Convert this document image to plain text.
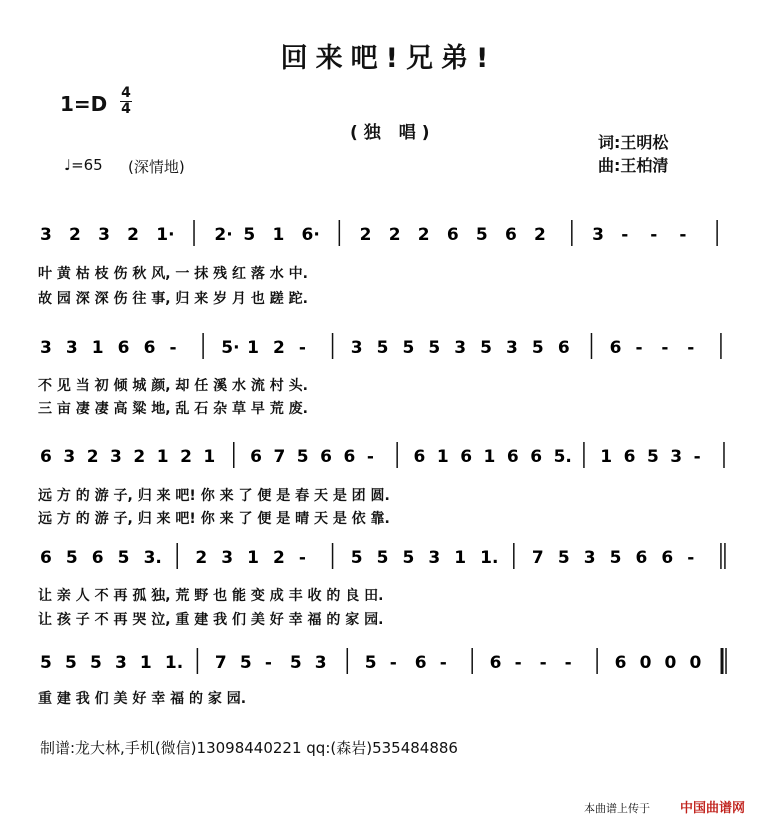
回来吧!兄弟!
1=D 4
4
(独 唱)	词:王明松
曲:王柏清
♩=65 (深情地)
3 2 3 2 1· 2· 5 1 6· 2 2 2 6 5 6 2	3 - - -
3 3 1 6 6 -	5· 1 2 -	3 5 5 5 3 5 3 5 6 6 - - -
6 3 2 3 2 1 2 1 6 7 5 6 6 - 6 1 6 1 6 6 5. 1 6 5 3 -
6 5 6 5 3. 2 3 1 2 -	5 5 5 3 1 1. 7 5 3 5 6 6 -
5 5 5 3 1 1. 7 5 - 5 3 5 - 6 -	6 - - -	6 0 0 0
叶 黄 枯 枝 伤 秋 风, 一 抹 残 红 落 水 中.
故 园 深 深 伤 往 事, 归 来 岁 月 也 蹉 跎.
不 见 当 初 倾 城 颜, 却 任 溪 水 流 村 头.
三 亩 凄 凄 高 粱 地, 乱 石 杂 草 早 荒 废.
远 方 的 游 子, 归 来 吧! 你 来 了 便 是 春 天 是 团 圆.
远 方 的 游 子, 归 来 吧! 你 来 了 便 是 晴 天 是 依 靠.
让 亲 人 不 再 孤 独, 荒 野 也 能 变 成 丰 收 的 良 田.
让 孩 子 不 再 哭 泣, 重 建 我 们 美 好 幸 福 的 家 园.
重 建 我 们 美 好 幸 福 的 家 园.
制谱:龙大林,手机(微信)13098440221 qq:(森岩)535484886
本曲谱上传于 中国曲谱网
